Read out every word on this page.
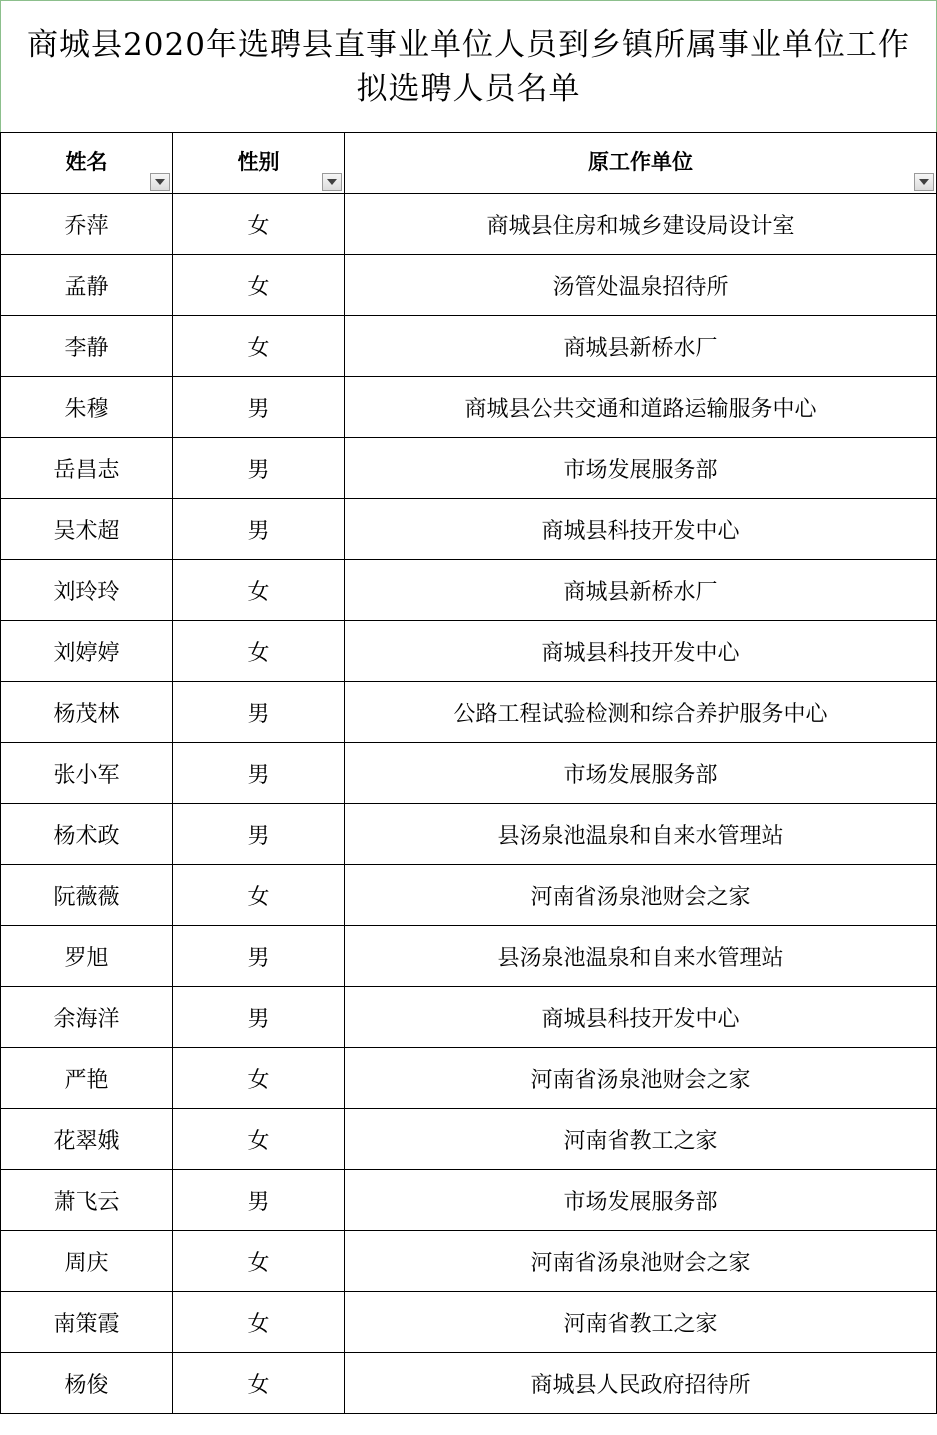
商城县2020年选聘县直事业单位人员到乡镇所属事业单位工作
拟选聘人员名单
姓名	性别	原工作单位

乔萍	女	商城县住房和城乡建设局设计室
孟静	女	汤管处温泉招待所
李静	女	商城县新桥水厂
朱穆	男	商城县公共交通和道路运输服务中心
岳昌志	男	市场发展服务部
吴术超	男	商城县科技开发中心
刘玲玲	女	商城县新桥水厂
刘婷婷	女	商城县科技开发中心
杨茂林	男	公路工程试验检测和综合养护服务中心
张小军	男	市场发展服务部
杨术政	男	县汤泉池温泉和自来水管理站
阮薇薇	女	河南省汤泉池财会之家
罗旭	男	县汤泉池温泉和自来水管理站
余海洋	男	商城县科技开发中心
严艳	女	河南省汤泉池财会之家
花翠娥	女	河南省教工之家
萧飞云	男	市场发展服务部
周庆	女	河南省汤泉池财会之家
南策霞	女	河南省教工之家
杨俊	女	商城县人民政府招待所
